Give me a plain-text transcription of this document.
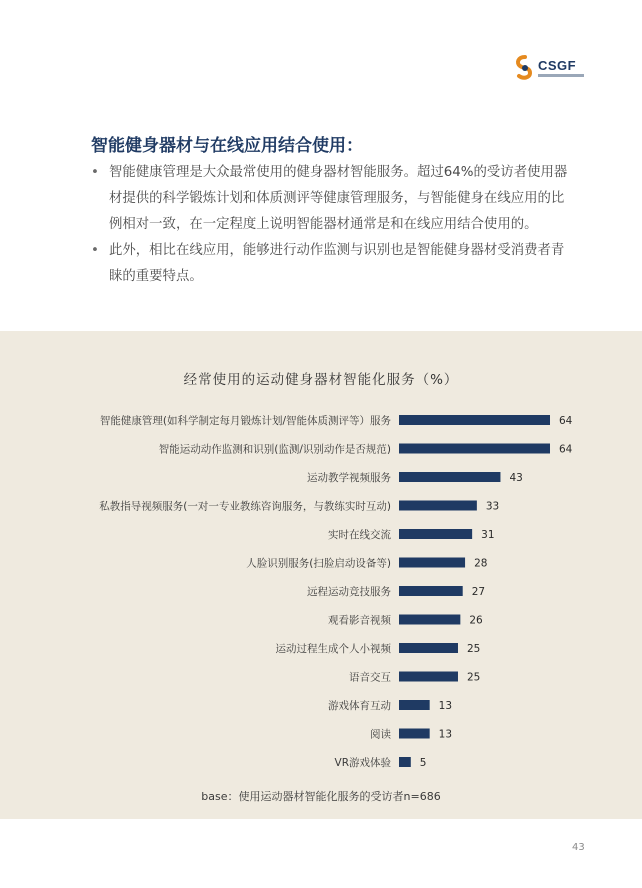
CSGF
智能健身器材与在线应用结合使用：
• 智能健康管理是大众最常使用的健身器材智能服务。超过64%的受访者使用器材提供的科学锻炼计划和体质测评等健康管理服务，与智能健身在线应用的比例相对一致，在一定程度上说明智能器材通常是和在线应用结合使用的。
• 此外，相比在线应用，能够进行动作监测与识别也是智能健身器材受消费者青睐的重要特点。
经常使用的运动健身器材智能化服务（%）
智能健康管理(如科学制定每月锻炼计划/智能体质测评等）服务	64
智能运动动作监测和识别(监测/识别动作是否规范)	64
运动教学视频服务	43
私教指导视频服务(一对一专业教练咨询服务，与教练实时互动)	33
实时在线交流	31
人脸识别服务(扫脸启动设备等)	28
远程运动竞技服务	27
观看影音视频	26
运动过程生成个人小视频	25
语音交互	25
游戏体育互动	13
阅读	13
VR游戏体验	5
base：使用运动器材智能化服务的受访者n=686
43
